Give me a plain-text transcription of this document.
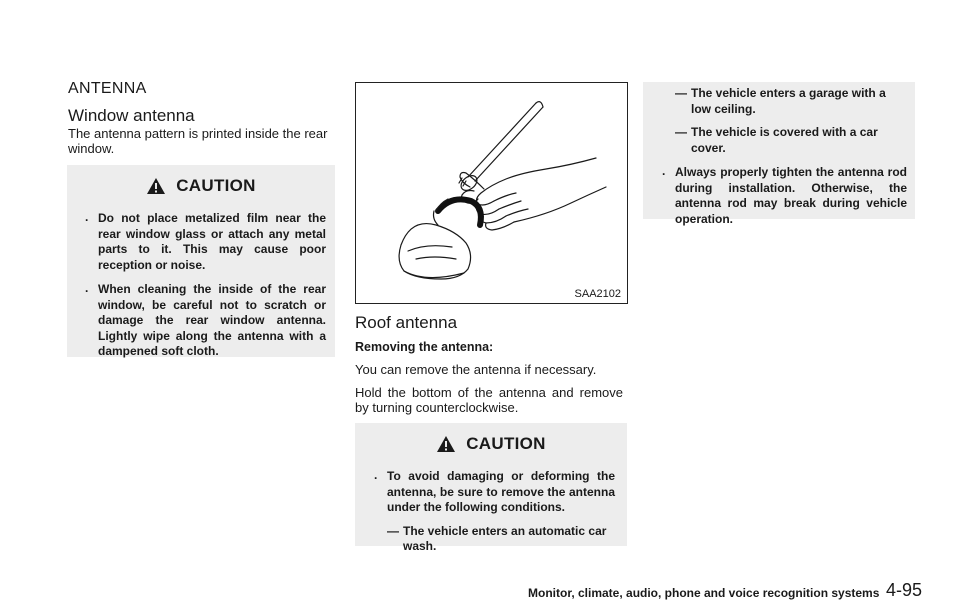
ANTENNA
Window antenna

The antenna pattern is printed inside the rear window.

CAUTION
. Do not place metalized film near the rear window glass or attach any metal parts to it. This may cause poor reception or noise.
. When cleaning the inside of the rear window, be careful not to scratch or damage the rear window antenna. Lightly wipe along the antenna with a dampened soft cloth.
SAA2102
Roof antenna

Removing the antenna:

You can remove the antenna if necessary.

Hold the bottom of the antenna and remove by turning counterclockwise.

CAUTION
. To avoid damaging or deforming the antenna, be sure to remove the antenna under the following conditions.
— The vehicle enters an automatic car wash.
— The vehicle enters a garage with a low ceiling.
— The vehicle is covered with a car cover.
. Always properly tighten the antenna rod during installation. Otherwise, the antenna rod may break during vehicle operation.
Monitor, climate, audio, phone and voice recognition systems 4-95
